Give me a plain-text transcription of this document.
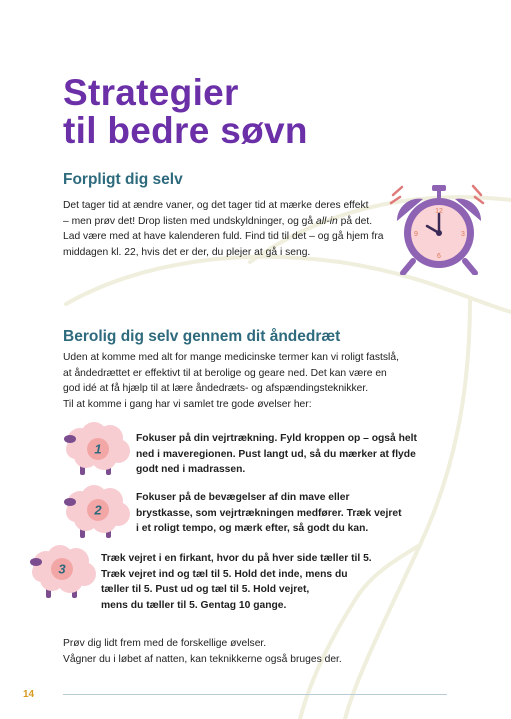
Strategier
til bedre søvn
Forpligt dig selv

Det tager tid at ændre vaner, og det tager tid at mærke deres effekt
– men prøv det! Drop listen med undskyldninger, og gå all-in på det.
Lad være med at have kalenderen fuld. Find tid til det – og gå hjem fra
middagen kl. 22, hvis det er der, du plejer at gå i seng.

12
3
6
9
Berolig dig selv gennem dit åndedræt

Uden at komme med alt for mange medicinske termer kan vi roligt fastslå,
at åndedrættet er effektivt til at berolige og geare ned. Det kan være en
god idé at få hjælp til at lære åndedræts- og afspændingsteknikker.
Til at komme i gang har vi samlet tre gode øvelser her:

1

Fokuser på din vejrtrækning. Fyld kroppen op – også helt
ned i maveregionen. Pust langt ud, så du mærker at flyde
godt ned i madrassen.

2

Fokuser på de bevægelser af din mave eller
brystkasse, som vejrtrækningen medfører. Træk vejret
i et roligt tempo, og mærk efter, så godt du kan.

3

Træk vejret i en firkant, hvor du på hver side tæller til 5.
Træk vejret ind og tæl til 5. Hold det inde, mens du
tæller til 5. Pust ud og tæl til 5. Hold vejret,
mens du tæller til 5. Gentag 10 gange.

Prøv dig lidt frem med de forskellige øvelser.
Vågner du i løbet af natten, kan teknikkerne også bruges der.

14
